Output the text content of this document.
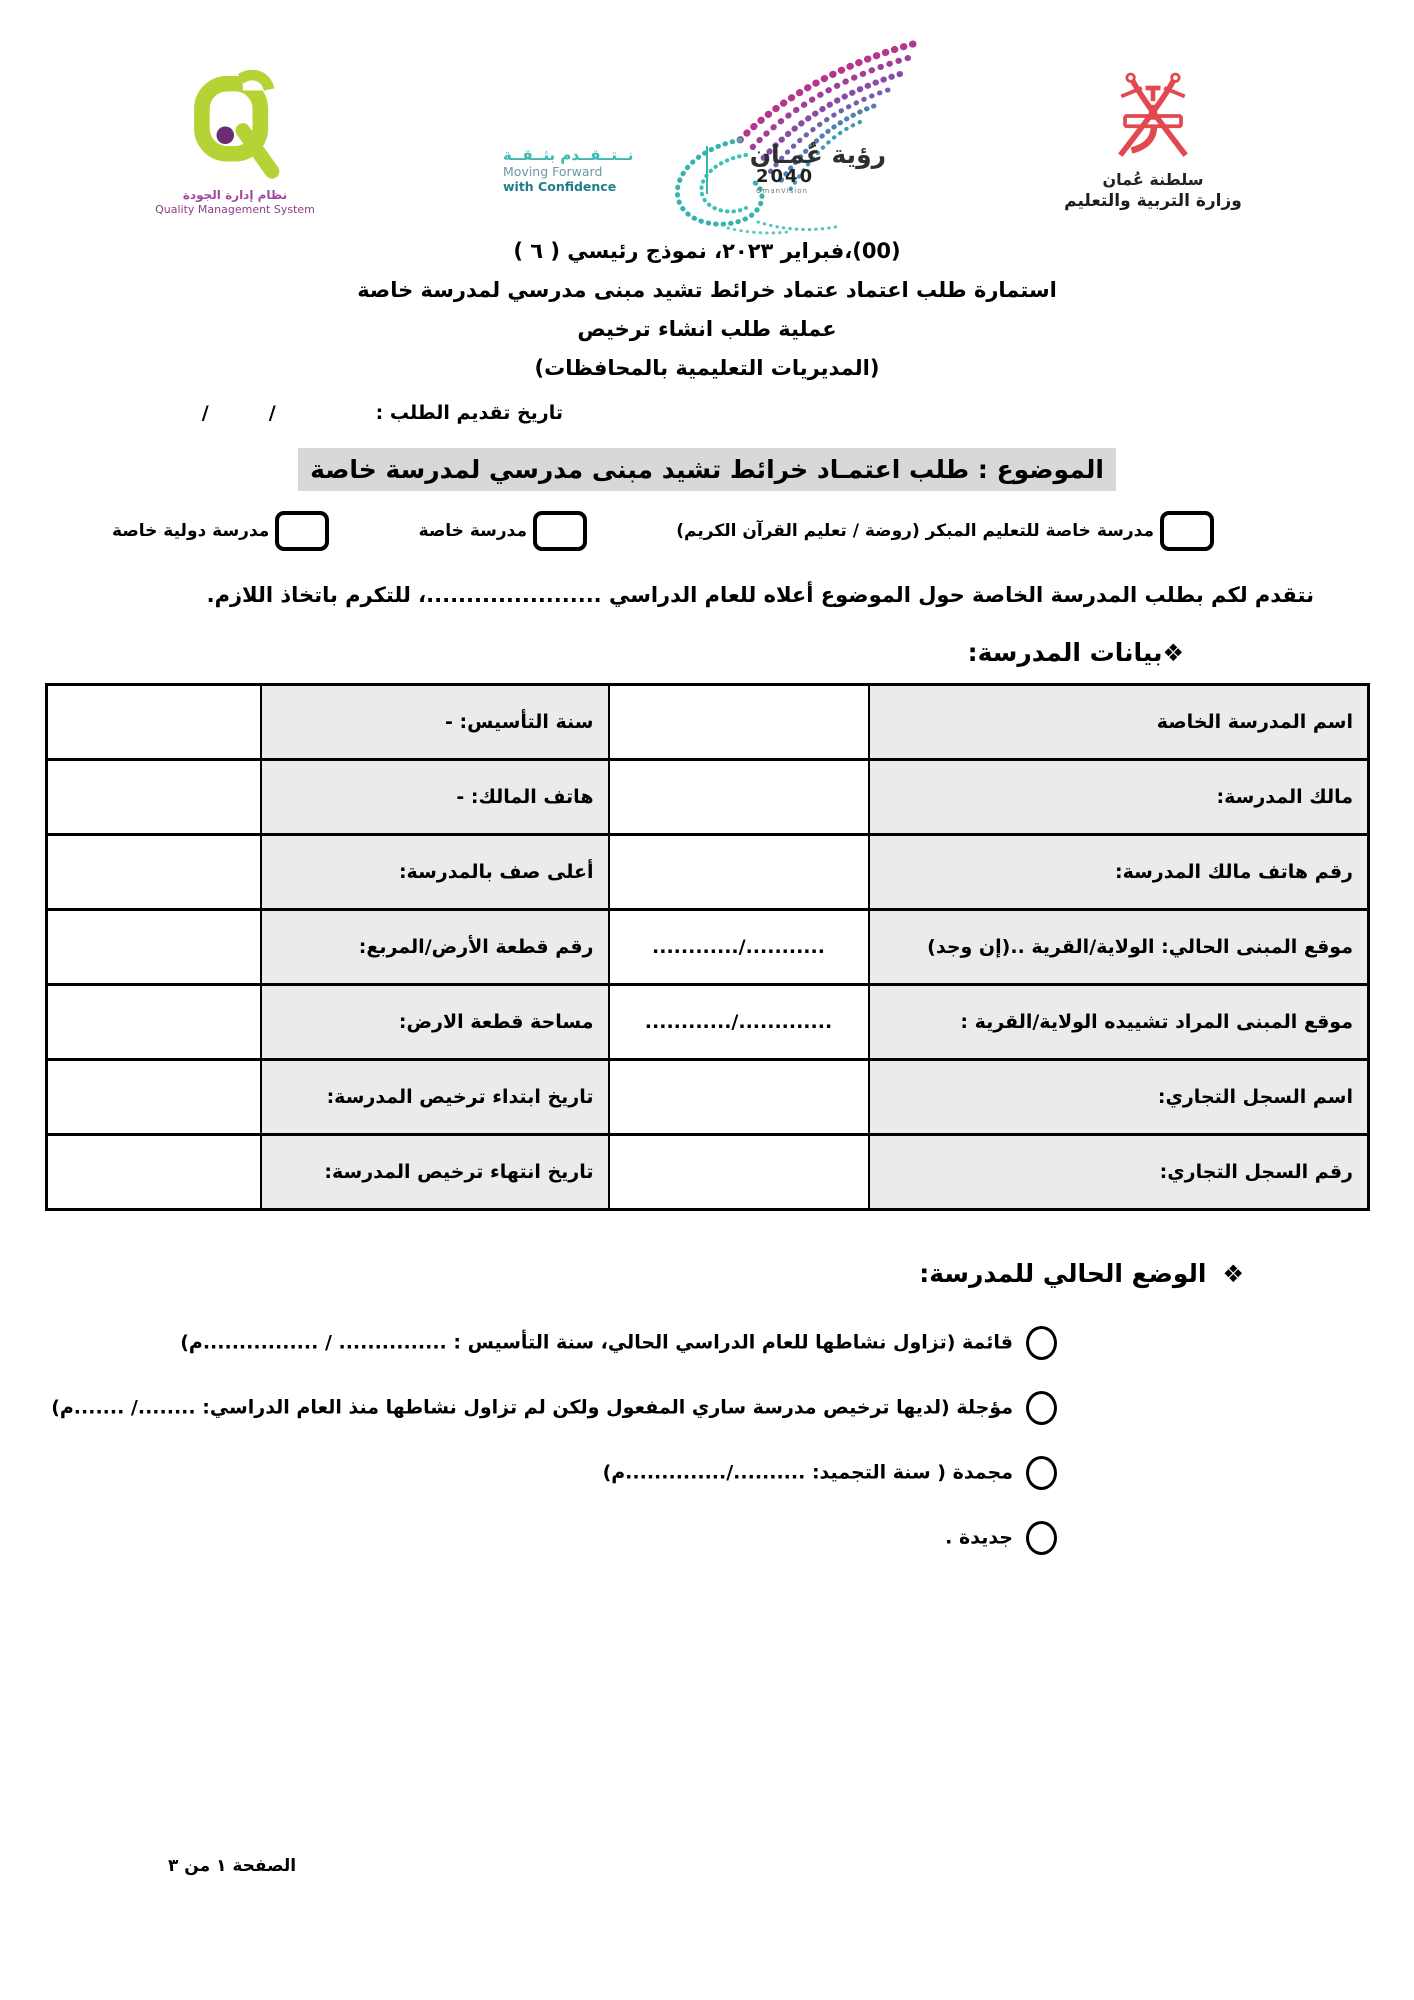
نظام إدارة الجودة
Quality Management System
نــتــقــدم بثــقــة
Moving Forward
with Confidence
رؤية عُمـان
2040
OmanVision
سلطنة عُمان
وزارة التربية والتعليم
(00)،فبراير ٢٠٢٣، نموذج رئيسي ( ٦ )
استمارة طلب اعتماد عتماد خرائط تشيد مبنى مدرسي لمدرسة خاصة
عملية طلب انشاء ترخيص
(المديريات التعليمية بالمحافظات)
تاريخ تقديم الطلب ://
الموضوع : طلب اعتمـاد خرائط تشيد مبنى مدرسي لمدرسة خاصة
مدرسة خاصة للتعليم المبكر (روضة / تعليم القرآن الكريم)
مدرسة خاصة
مدرسة دولية خاصة
نتقدم لكم بطلب المدرسة الخاصة حول الموضوع أعلاه للعام الدراسي ......................، للتكرم باتخاذ اللازم.
❖بيانات المدرسة:
اسم المدرسة الخاصة		سنة التأسيس: -	
مالك المدرسة:		هاتف المالك: -	
رقم هاتف مالك المدرسة:		أعلى صف بالمدرسة:	
موقع المبنى الحالي: الولاية/القرية ..(إن وجد)	.........../............	رقم قطعة الأرض/المربع:	
موقع المبنى المراد تشييده الولاية/القرية :	............./............	مساحة قطعة الارض:	
اسم السجل التجاري:		تاريخ ابتداء ترخيص المدرسة:	
رقم السجل التجاري:		تاريخ انتهاء ترخيص المدرسة:	
❖الوضع الحالي للمدرسة:
قائمة (تزاول نشاطها للعام الدراسي الحالي، سنة التأسيس : ............... / ................م)
مؤجلة (لديها ترخيص مدرسة ساري المفعول ولكن لم تزاول نشاطها منذ العام الدراسي: ......../ .......م)
مجمدة ( سنة التجميد: ........../..............م)
جديدة .
الصفحة ١ من ٣
